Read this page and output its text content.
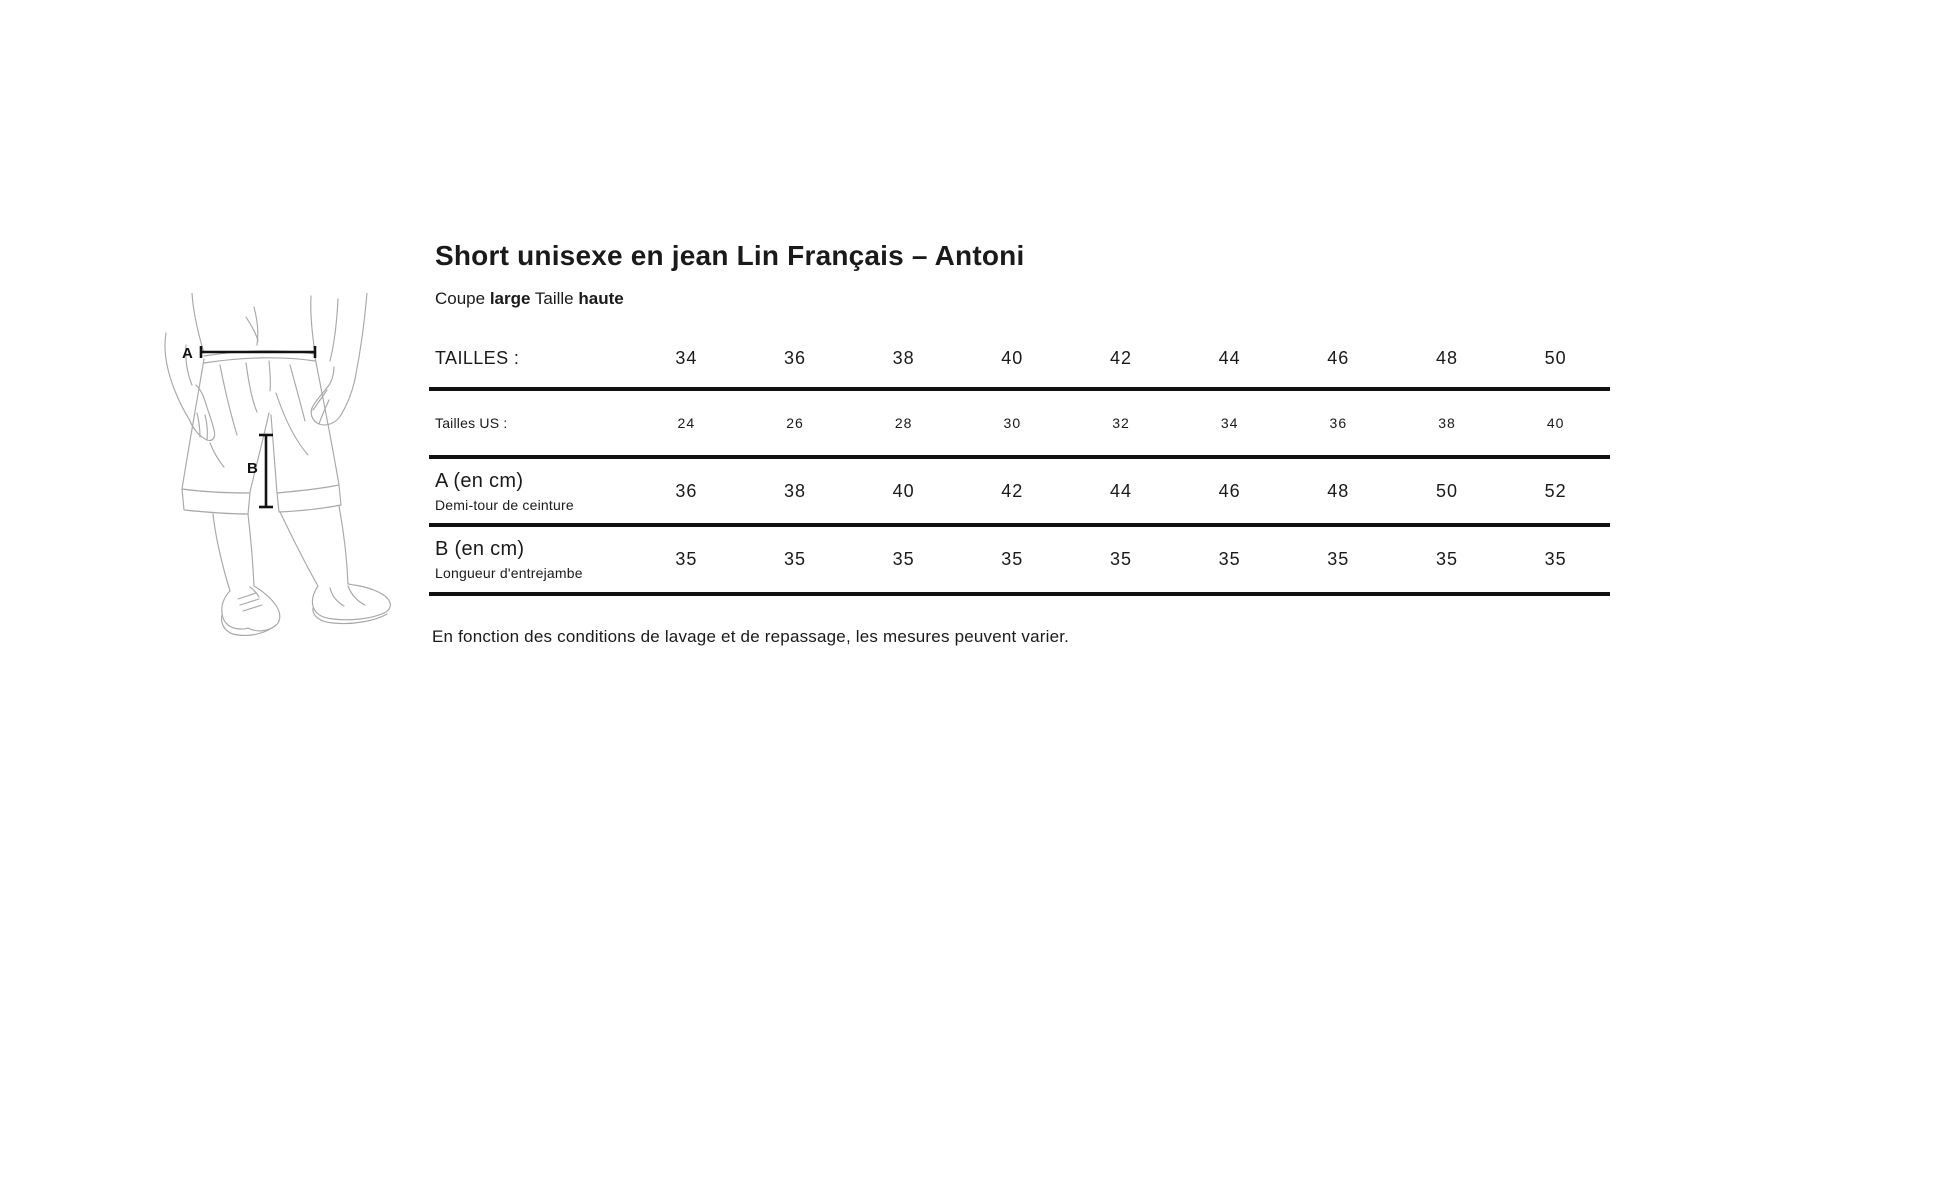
Short unisexe en jean Lin Français – Antoni
Coupe large Taille haute
A
B
TAILLES :	34	36	38	40	42	44	46	48	50
Tailles US :	24	26	28	30	32	34	36	38	40
A (en cm)
Demi-tour de ceinture
36	38	40	42	44	46	48	50	52
B (en cm)
Longueur d'entrejambe
35	35	35	35	35	35	35	35	35
En fonction des conditions de lavage et de repassage, les mesures peuvent varier.
